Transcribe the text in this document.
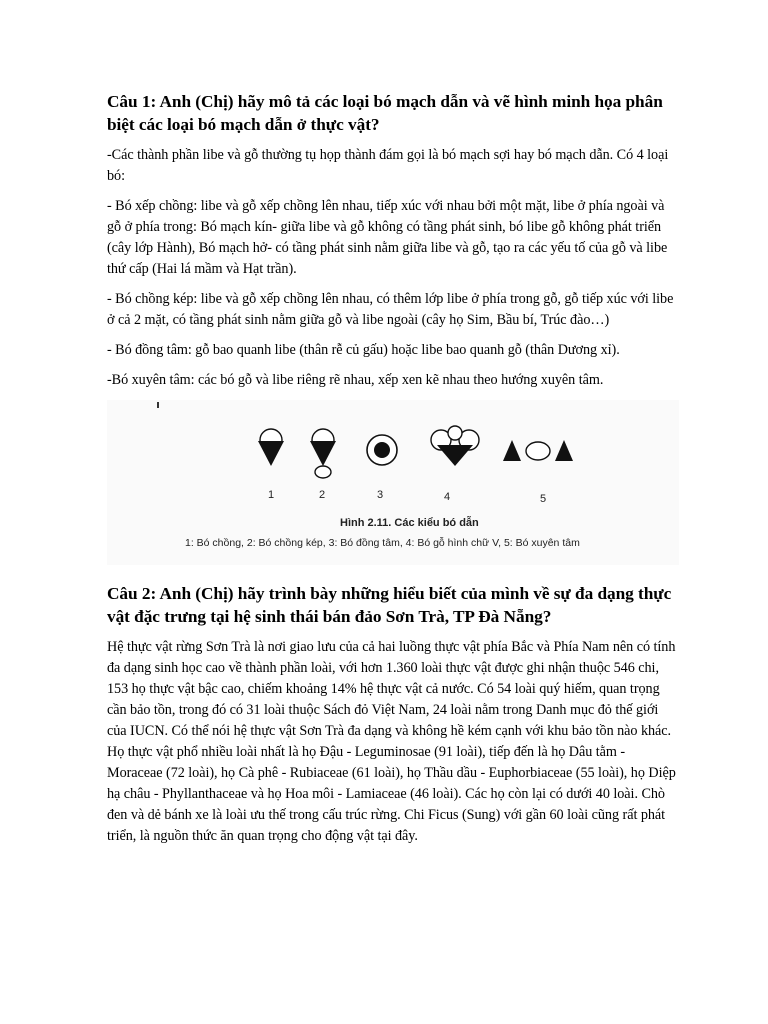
Câu 1: Anh (Chị) hãy mô tả các loại bó mạch dẫn và vẽ hình minh họa phân biệt các loại bó mạch dẫn ở thực vật?

-Các thành phần libe và gỗ thường tụ họp thành đám gọi là bó mạch sợi hay bó mạch dẫn. Có 4 loại bó:

- Bó xếp chồng: libe và gỗ xếp chồng lên nhau, tiếp xúc với nhau bởi một mặt, libe ở phía ngoài và gỗ ở phía trong: Bó mạch kín- giữa libe và gỗ không có tầng phát sinh, bó libe gỗ không phát triển (cây lớp Hành), Bó mạch hở- có tầng phát sinh nằm giữa libe và gỗ, tạo ra các yếu tố của gỗ và libe thứ cấp (Hai lá mầm và Hạt trần).

- Bó chồng kép: libe và gỗ xếp chồng lên nhau, có thêm lớp libe ở phía trong gỗ, gỗ tiếp xúc với libe ở cả 2 mặt, có tầng phát sinh nằm giữa gỗ và libe ngoài (cây họ Sim, Bầu bí, Trúc đào…)

- Bó đồng tâm: gỗ bao quanh libe (thân rễ củ gấu) hoặc libe bao quanh gỗ (thân Dương xỉ).

-Bó xuyên tâm: các bó gỗ và libe riêng rẽ nhau, xếp xen kẽ nhau theo hướng xuyên tâm.

1	2	3	4	5
Hình 2.11. Các kiểu bó dẫn
1: Bó chồng, 2: Bó chồng kép, 3: Bó đồng tâm, 4: Bó gỗ hình chữ V, 5: Bó xuyên tâm
Câu 2: Anh (Chị) hãy trình bày những hiểu biết của mình về sự đa dạng thực vật đặc trưng tại hệ sinh thái bán đảo Sơn Trà, TP Đà Nẵng?

Hệ thực vật rừng Sơn Trà là nơi giao lưu của cả hai luồng thực vật phía Bắc và Phía Nam nên có tính đa dạng sinh học cao về thành phần loài, với hơn 1.360 loài thực vật được ghi nhận thuộc 546 chi, 153 họ thực vật bậc cao, chiếm khoảng 14% hệ thực vật cả nước. Có 54 loài quý hiếm, quan trọng cần bảo tồn, trong đó có 31 loài thuộc Sách đỏ Việt Nam, 24 loài nằm trong Danh mục đỏ thế giới của IUCN. Có thể nói hệ thực vật Sơn Trà đa dạng và không hề kém cạnh với khu bảo tồn nào khác. Họ thực vật phổ nhiều loài nhất là họ Đậu - Leguminosae (91 loài), tiếp đến là họ Dâu tằm - Moraceae (72 loài), họ Cà phê - Rubiaceae (61 loài), họ Thầu dầu - Euphorbiaceae (55 loài), họ Diệp hạ châu - Phyllanthaceae và họ Hoa môi - Lamiaceae (46 loài). Các họ còn lại có dưới 40 loài. Chò đen và dẻ bánh xe là loài ưu thế trong cấu trúc rừng. Chi Ficus (Sung) với gần 60 loài cũng rất phát triển, là nguồn thức ăn quan trọng cho động vật tại đây.
